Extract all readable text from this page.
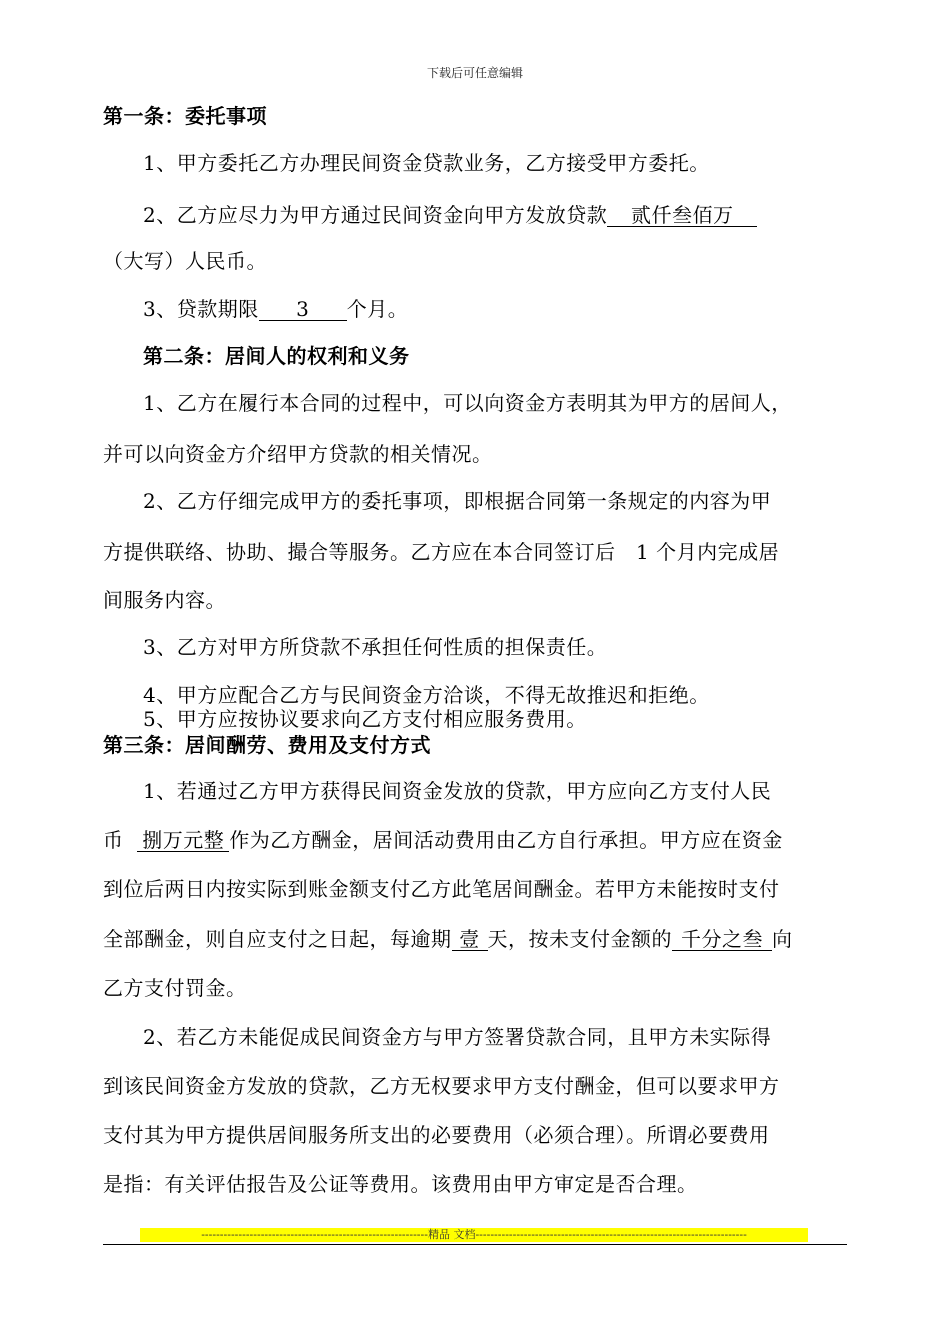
下载后可任意编辑
第一条：委托事项
1、甲方委托乙方办理民间资金贷款业务，乙方接受甲方委托。
2、乙方应尽力为甲方通过民间资金向甲方发放贷款 贰仟叁佰万
（大写）人民币。
3、贷款期限 3 个月。
第二条：居间人的权利和义务
1、乙方在履行本合同的过程中，可以向资金方表明其为甲方的居间人，
并可以向资金方介绍甲方贷款的相关情况。
2、乙方仔细完成甲方的委托事项，即根据合同第一条规定的内容为甲
方提供联络、协助、撮合等服务。乙方应在本合同签订后　1 个月内完成居
间服务内容。
3、乙方对甲方所贷款不承担任何性质的担保责任。
4、甲方应配合乙方与民间资金方洽谈，不得无故推迟和拒绝。
5、甲方应按协议要求向乙方支付相应服务费用。
第三条：居间酬劳、费用及支付方式
1、若通过乙方甲方获得民间资金发放的贷款，甲方应向乙方支付人民
币 捌万元整 作为乙方酬金，居间活动费用由乙方自行承担。甲方应在资金
到位后两日内按实际到账金额支付乙方此笔居间酬金。若甲方未能按时支付
全部酬金，则自应支付之日起，每逾期 壹 天，按未支付金额的 千分之叁 向
乙方支付罚金。
2、若乙方未能促成民间资金方与甲方签署贷款合同，且甲方未实际得
到该民间资金方发放的贷款，乙方无权要求甲方支付酬金，但可以要求甲方
支付其为甲方提供居间服务所支出的必要费用（必须合理）。所谓必要费用
是指：有关评估报告及公证等费用。该费用由甲方审定是否合理。
-------------------------------------------------------------精品 文档-------------------------------------------------------------------------
